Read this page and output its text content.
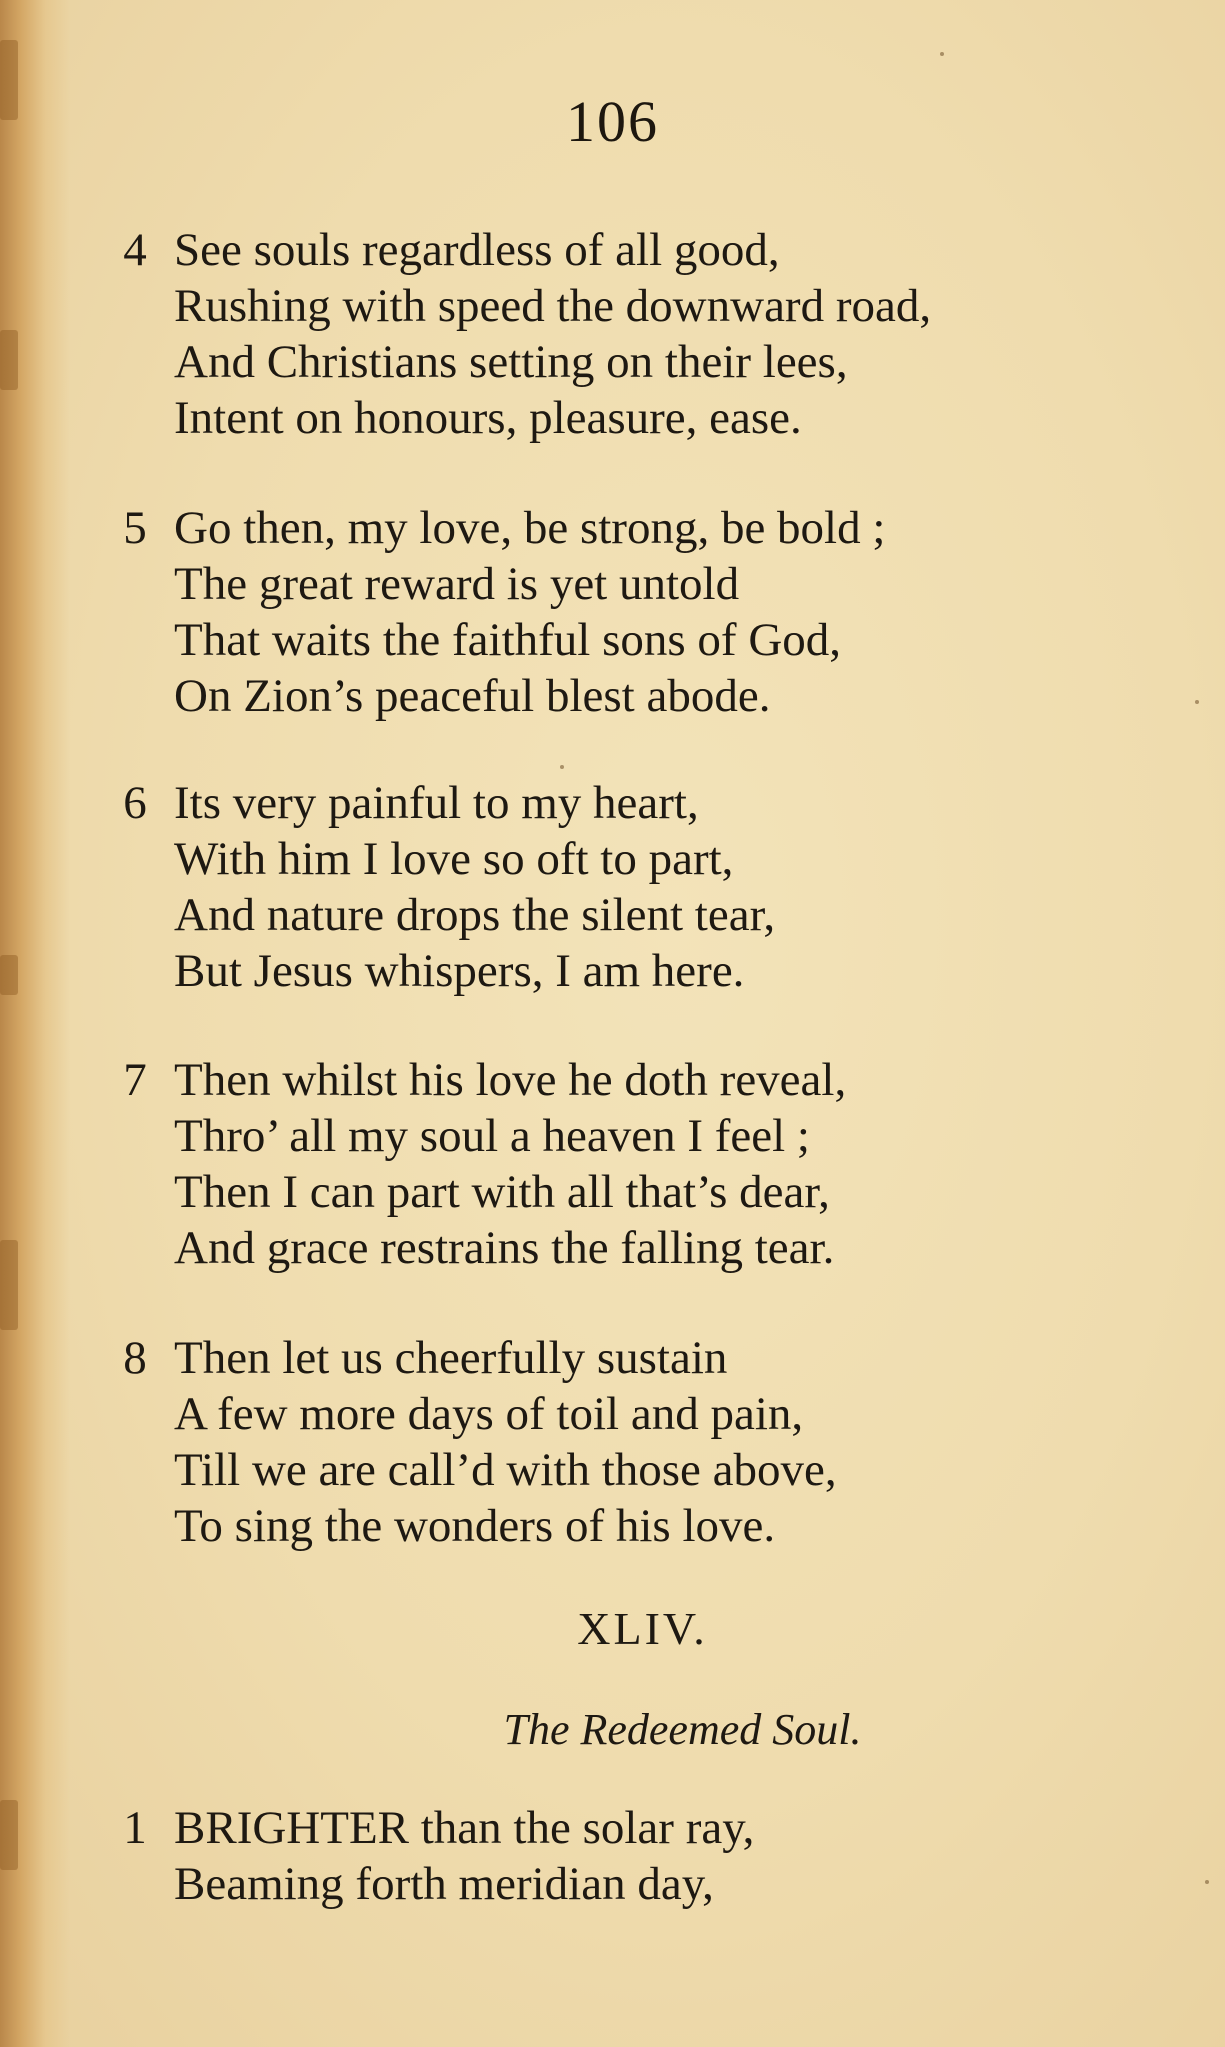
106
4 See souls regardless of all good,
Rushing with speed the downward road,
And Christians setting on their lees,
Intent on honours, pleasure, ease.
5 Go then, my love, be strong, be bold ;
The great reward is yet untold
That waits the faithful sons of God,
On Zion’s peaceful blest abode.
6 Its very painful to my heart,
With him I love so oft to part,
And nature drops the silent tear,
But Jesus whispers, I am here.
7 Then whilst his love he doth reveal,
Thro’ all my soul a heaven I feel ;
Then I can part with all that’s dear,
And grace restrains the falling tear.
8 Then let us cheerfully sustain
A few more days of toil and pain,
Till we are call’d with those above,
To sing the wonders of his love.
XLIV.
The Redeemed Soul.
1 BRIGHTER than the solar ray,
Beaming forth meridian day,
